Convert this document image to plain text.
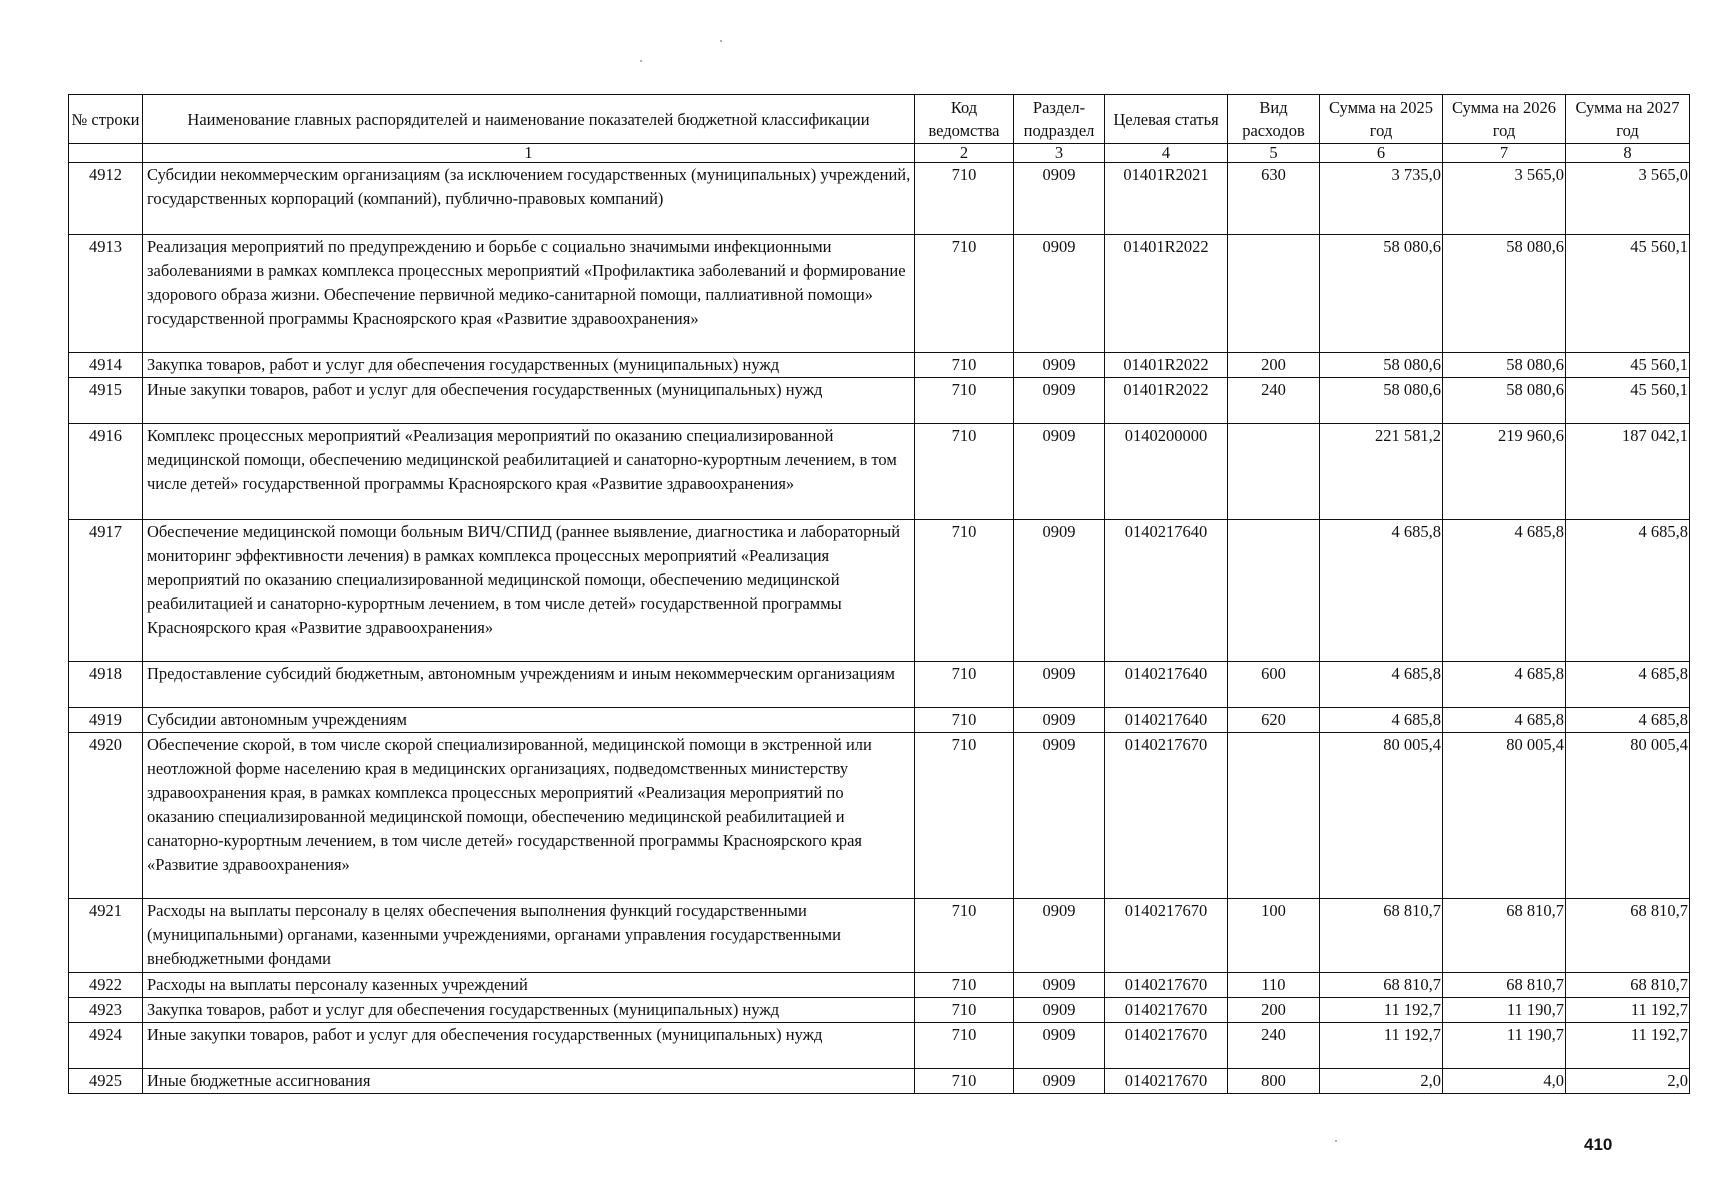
№ строки	Наименование главных распорядителей и наименование показателей бюджетной классификации	Код ведомства	Раздел-подраздел	Целевая статья	Вид расходов	Сумма на 2025 год	Сумма на 2026 год	Сумма на 2027 год
	1	2	3	4	5	6	7	8
4912	Субсидии некоммерческим организациям (за исключением государственных (муниципальных) учреждений, государственных корпораций (компаний), публично-правовых компаний)	710	0909	01401R2021	630	3 735,0	3 565,0	3 565,0
4913	Реализация мероприятий по предупреждению и борьбе с социально значимыми инфекционными заболеваниями в рамках комплекса процессных мероприятий «Профилактика заболеваний и формирование здорового образа жизни. Обеспечение первичной медико-санитарной помощи, паллиативной помощи» государственной программы Красноярского края «Развитие здравоохранения»	710	0909	01401R2022		58 080,6	58 080,6	45 560,1
4914	Закупка товаров, работ и услуг для обеспечения государственных (муниципальных) нужд	710	0909	01401R2022	200	58 080,6	58 080,6	45 560,1
4915	Иные закупки товаров, работ и услуг для обеспечения государственных (муниципальных) нужд	710	0909	01401R2022	240	58 080,6	58 080,6	45 560,1
4916	Комплекс процессных мероприятий «Реализация мероприятий по оказанию специализированной медицинской помощи, обеспечению медицинской реабилитацией и санаторно-курортным лечением, в том числе детей» государственной программы Красноярского края «Развитие здравоохранения»	710	0909	0140200000		221 581,2	219 960,6	187 042,1
4917	Обеспечение медицинской помощи больным ВИЧ/СПИД (раннее выявление, диагностика и лабораторный мониторинг эффективности лечения) в рамках комплекса процессных мероприятий «Реализация мероприятий по оказанию специализированной медицинской помощи, обеспечению медицинской реабилитацией и санаторно-курортным лечением, в том числе детей» государственной программы Красноярского края «Развитие здравоохранения»	710	0909	0140217640		4 685,8	4 685,8	4 685,8
4918	Предоставление субсидий бюджетным, автономным учреждениям и иным некоммерческим организациям	710	0909	0140217640	600	4 685,8	4 685,8	4 685,8
4919	Субсидии автономным учреждениям	710	0909	0140217640	620	4 685,8	4 685,8	4 685,8
4920	Обеспечение скорой, в том числе скорой специализированной, медицинской помощи в экстренной или неотложной форме населению края в медицинских организациях, подведомственных министерству здравоохранения края, в рамках комплекса процессных мероприятий «Реализация мероприятий по оказанию специализированной медицинской помощи, обеспечению медицинской реабилитацией и санаторно-курортным лечением, в том числе детей» государственной программы Красноярского края «Развитие здравоохранения»	710	0909	0140217670		80 005,4	80 005,4	80 005,4
4921	Расходы на выплаты персоналу в целях обеспечения выполнения функций государственными (муниципальными) органами, казенными учреждениями, органами управления государственными внебюджетными фондами	710	0909	0140217670	100	68 810,7	68 810,7	68 810,7
4922	Расходы на выплаты персоналу казенных учреждений	710	0909	0140217670	110	68 810,7	68 810,7	68 810,7
4923	Закупка товаров, работ и услуг для обеспечения государственных (муниципальных) нужд	710	0909	0140217670	200	11 192,7	11 190,7	11 192,7
4924	Иные закупки товаров, работ и услуг для обеспечения государственных (муниципальных) нужд	710	0909	0140217670	240	11 192,7	11 190,7	11 192,7
4925	Иные бюджетные ассигнования	710	0909	0140217670	800	2,0	4,0	2,0
410
